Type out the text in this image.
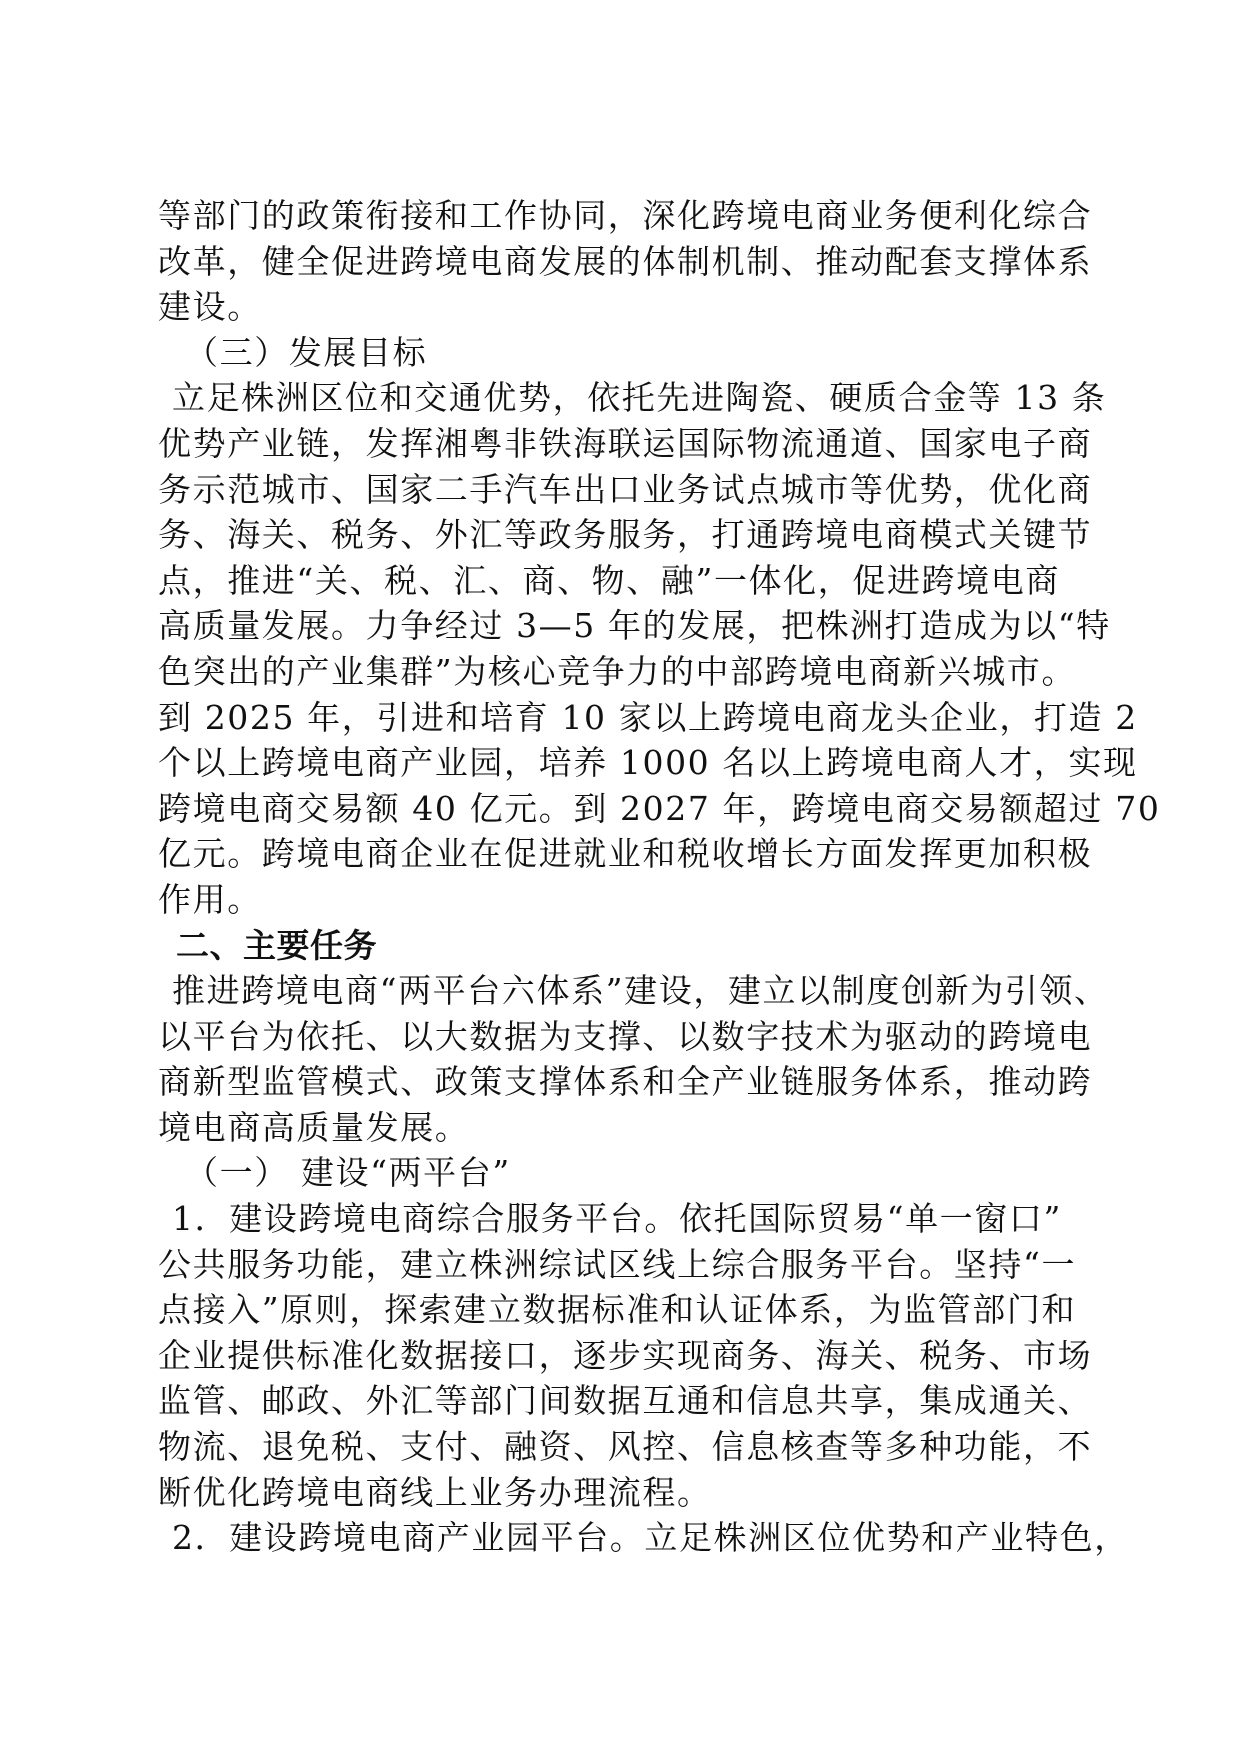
等部门的政策衔接和工作协同，深化跨境电商业务便利化综合
改革，健全促进跨境电商发展的体制机制、推动配套支撑体系
建设。
（三）发展目标
立足株洲区位和交通优势，依托先进陶瓷、硬质合金等 13 条
优势产业链，发挥湘粤非铁海联运国际物流通道、国家电子商
务示范城市、国家二手汽车出口业务试点城市等优势，优化商
务、海关、税务、外汇等政务服务，打通跨境电商模式关键节
点，推进“关、税、汇、商、物、融”一体化，促进跨境电商
高质量发展。力争经过 3—5 年的发展，把株洲打造成为以“特
色突出的产业集群”为核心竞争力的中部跨境电商新兴城市。
到 2025 年，引进和培育 10 家以上跨境电商龙头企业，打造 2
个以上跨境电商产业园，培养 1000 名以上跨境电商人才，实现
跨境电商交易额 40 亿元。到 2027 年，跨境电商交易额超过 70
亿元。跨境电商企业在促进就业和税收增长方面发挥更加积极
作用。
二、主要任务
推进跨境电商“两平台六体系”建设，建立以制度创新为引领、
以平台为依托、以大数据为支撑、以数字技术为驱动的跨境电
商新型监管模式、政策支撑体系和全产业链服务体系，推动跨
境电商高质量发展。
（一） 建设“两平台”
1．建设跨境电商综合服务平台。依托国际贸易“单一窗口”
公共服务功能，建立株洲综试区线上综合服务平台。坚持“一
点接入”原则，探索建立数据标准和认证体系，为监管部门和
企业提供标准化数据接口，逐步实现商务、海关、税务、市场
监管、邮政、外汇等部门间数据互通和信息共享，集成通关、
物流、退免税、支付、融资、风控、信息核查等多种功能，不
断优化跨境电商线上业务办理流程。
2．建设跨境电商产业园平台。立足株洲区位优势和产业特色，
